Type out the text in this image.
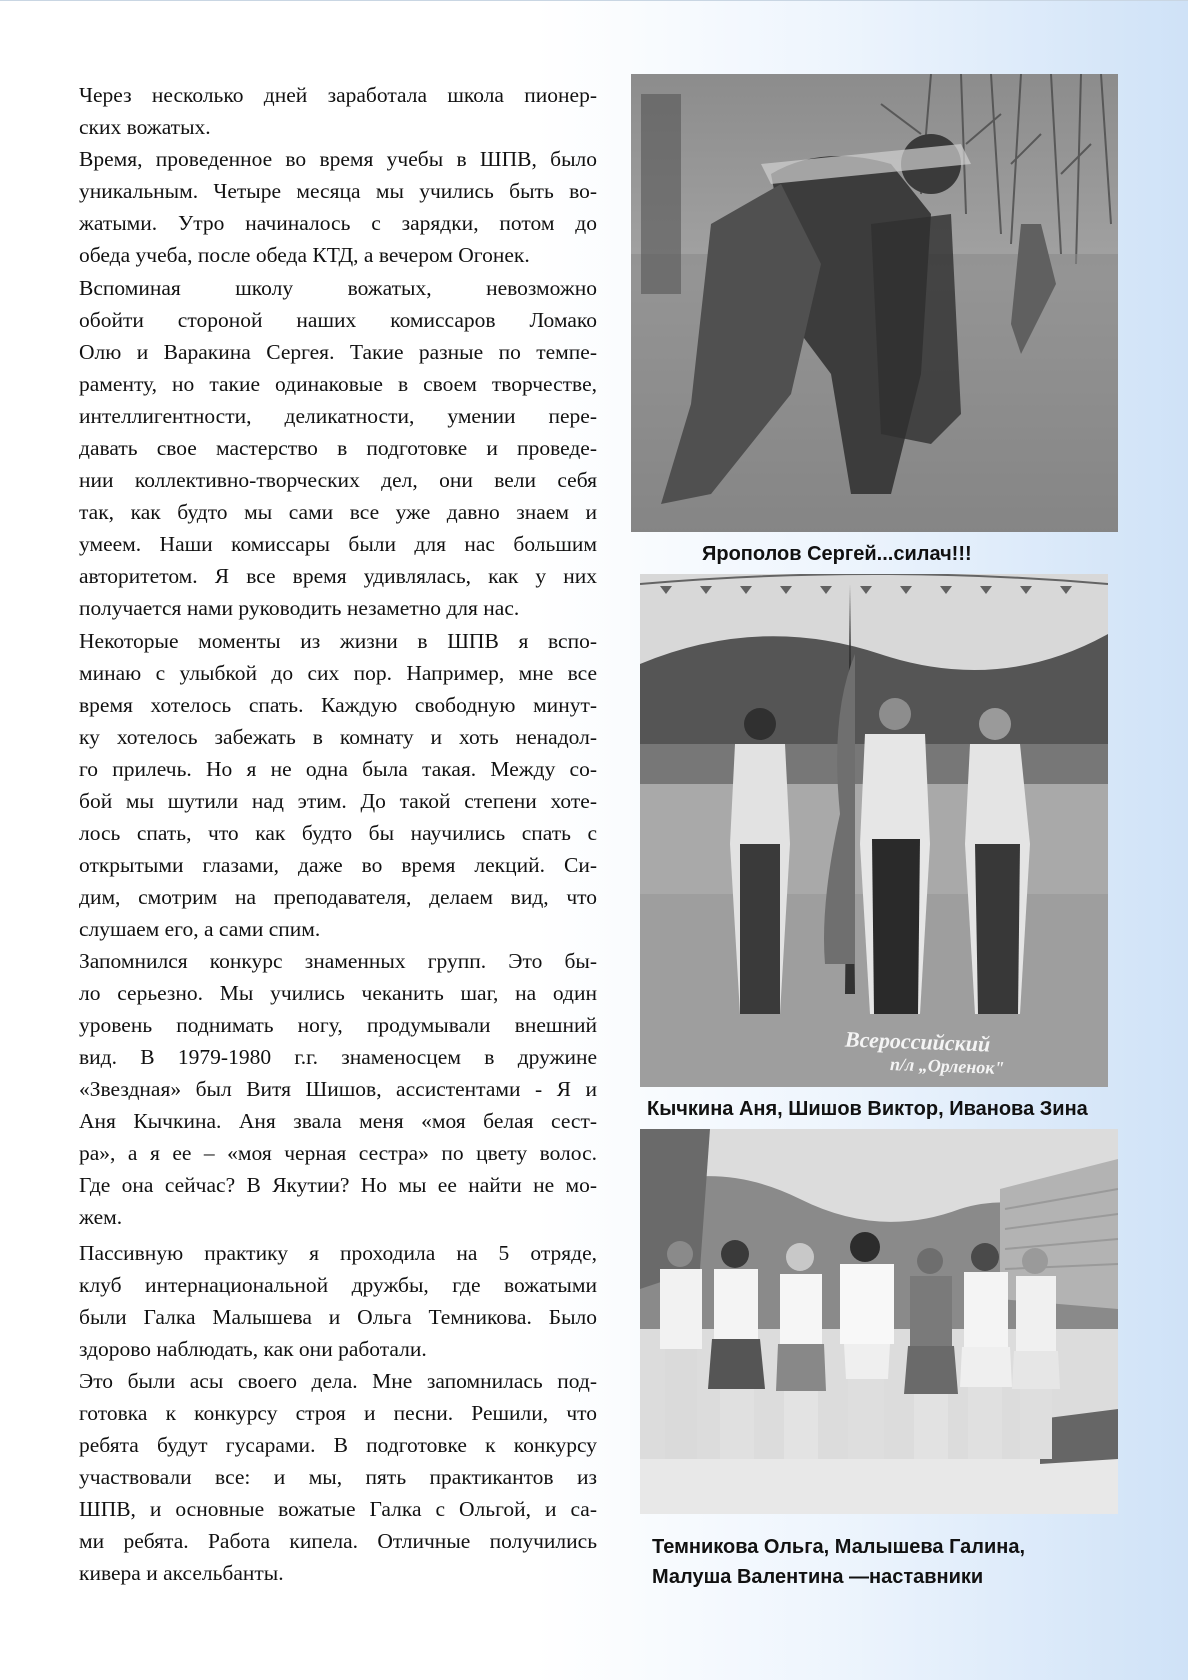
Через несколько дней заработала школа пионер-
ских вожатых.
Время, проведенное во время учебы в ШПВ, было
уникальным. Четыре месяца мы учились быть во-
жатыми. Утро начиналось с зарядки, потом до
обеда учеба, после обеда КТД, а вечером Огонек.
Вспоминая школу вожатых, невозможно
обойти стороной наших комиссаров Ломако
Олю и Варакина Сергея. Такие разные по темпе-
раменту, но такие одинаковые в своем творчестве,
интеллигентности, деликатности, умении пере-
давать свое мастерство в подготовке и проведе-
нии коллективно-творческих дел, они вели себя
так, как будто мы сами все уже давно знаем и
умеем. Наши комиссары были для нас большим
авторитетом. Я все время удивлялась, как у них
получается нами руководить незаметно для нас.
Некоторые моменты из жизни в ШПВ я вспо-
минаю с улыбкой до сих пор. Например, мне все
время хотелось спать. Каждую свободную минут-
ку хотелось забежать в комнату и хоть ненадол-
го прилечь. Но я не одна была такая. Между со-
бой мы шутили над этим. До такой степени хоте-
лось спать, что как будто бы научились спать с
открытыми глазами, даже во время лекций. Си-
дим, смотрим на преподавателя, делаем вид, что
слушаем его, а сами спим.
Запомнился конкурс знаменных групп. Это бы-
ло серьезно. Мы учились чеканить шаг, на один
уровень поднимать ногу, продумывали внешний
вид. В 1979-1980 г.г. знаменосцем в дружине
«Звездная» был Витя Шишов, ассистентами - Я и
Аня Кычкина. Аня звала меня «моя белая сест-
ра», а я ее – «моя черная сестра» по цвету волос.
Где она сейчас? В Якутии? Но мы ее найти не мо-
жем.
Пассивную практику я проходила на 5 отряде,
клуб интернациональной дружбы, где вожатыми
были Галка Малышева и Ольга Темникова. Было
здорово наблюдать, как они работали.
Это были асы своего дела. Мне запомнилась под-
готовка к конкурсу строя и песни. Решили, что
ребята будут гусарами. В подготовке к конкурсу
участвовали все: и мы, пять практикантов из
ШПВ, и основные вожатые Галка с Ольгой, и са-
ми ребята. Работа кипела. Отличные получились
кивера и аксельбанты.
Ярополов Сергей...силач!!!
Всероссийский
п/л „Орленок"
Кычкина Аня, Шишов Виктор, Иванова Зина
Темникова Ольга, Малышева Галина,
Малуша Валентина —наставники
